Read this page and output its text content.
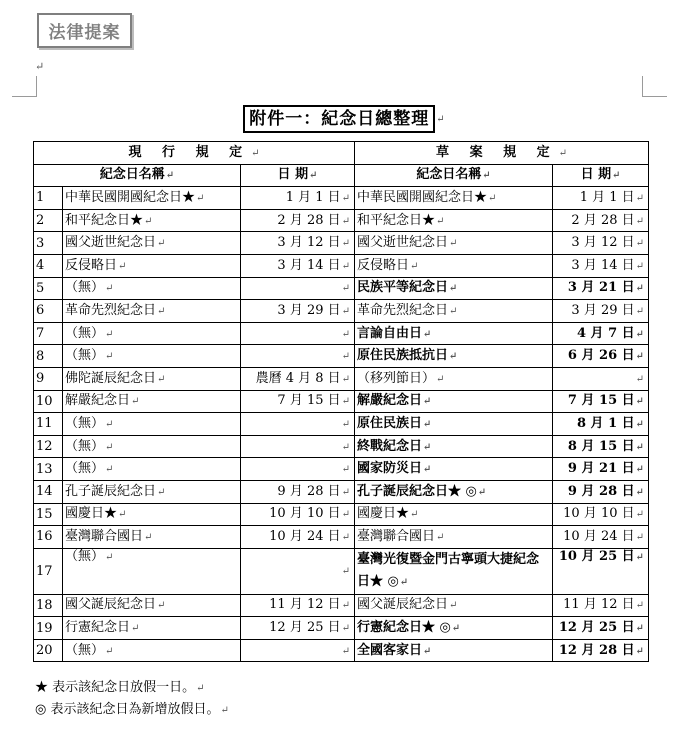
法律提案
↵
附件一：紀念日總整理 ↵
現 行 規 定↵			草 案 規 定↵	
紀念日名稱↵		日 期↵	紀念日名稱↵	日 期↵
1	中華民國開國紀念日★↵	1 月 1 日↵	中華民國開國紀念日★↵	1 月 1 日↵
2	和平紀念日★↵	2 月 28 日↵	和平紀念日★↵	2 月 28 日↵
3	國父逝世紀念日↵	3 月 12 日↵	國父逝世紀念日↵	3 月 12 日↵
4	反侵略日↵	3 月 14 日↵	反侵略日↵	3 月 14 日↵
5	（無）↵	↵	民族平等紀念日↵	3 月 21 日↵
6	革命先烈紀念日↵	3 月 29 日↵	革命先烈紀念日↵	3 月 29 日↵
7	（無）↵	↵	言論自由日↵	4 月 7 日↵
8	（無）↵	↵	原住民族抵抗日↵	6 月 26 日↵
9	佛陀誕辰紀念日↵	農曆 4 月 8 日↵	（移列節日）↵	↵
10	解嚴紀念日↵	7 月 15 日↵	解嚴紀念日↵	7 月 15 日↵
11	（無）↵	↵	原住民族日↵	8 月 1 日↵
12	（無）↵	↵	終戰紀念日↵	8 月 15 日↵
13	（無）↵	↵	國家防災日↵	9 月 21 日↵
14	孔子誕辰紀念日↵	9 月 28 日↵	孔子誕辰紀念日★ ◎↵	9 月 28 日↵
15	國慶日★↵	10 月 10 日↵	國慶日★↵	10 月 10 日↵
16	臺灣聯合國日↵	10 月 24 日↵	臺灣聯合國日↵	10 月 24 日↵
17	（無）↵	↵	臺灣光復暨金門古寧頭大捷紀念日★ ◎↵	10 月 25 日↵
18	國父誕辰紀念日↵	11 月 12 日↵	國父誕辰紀念日↵	11 月 12 日↵
19	行憲紀念日↵	12 月 25 日↵	行憲紀念日★ ◎↵	12 月 25 日↵
20	（無）↵	↵	全國客家日↵	12 月 28 日↵
★ 表示該紀念日放假一日。↵
◎ 表示該紀念日為新增放假日。↵
